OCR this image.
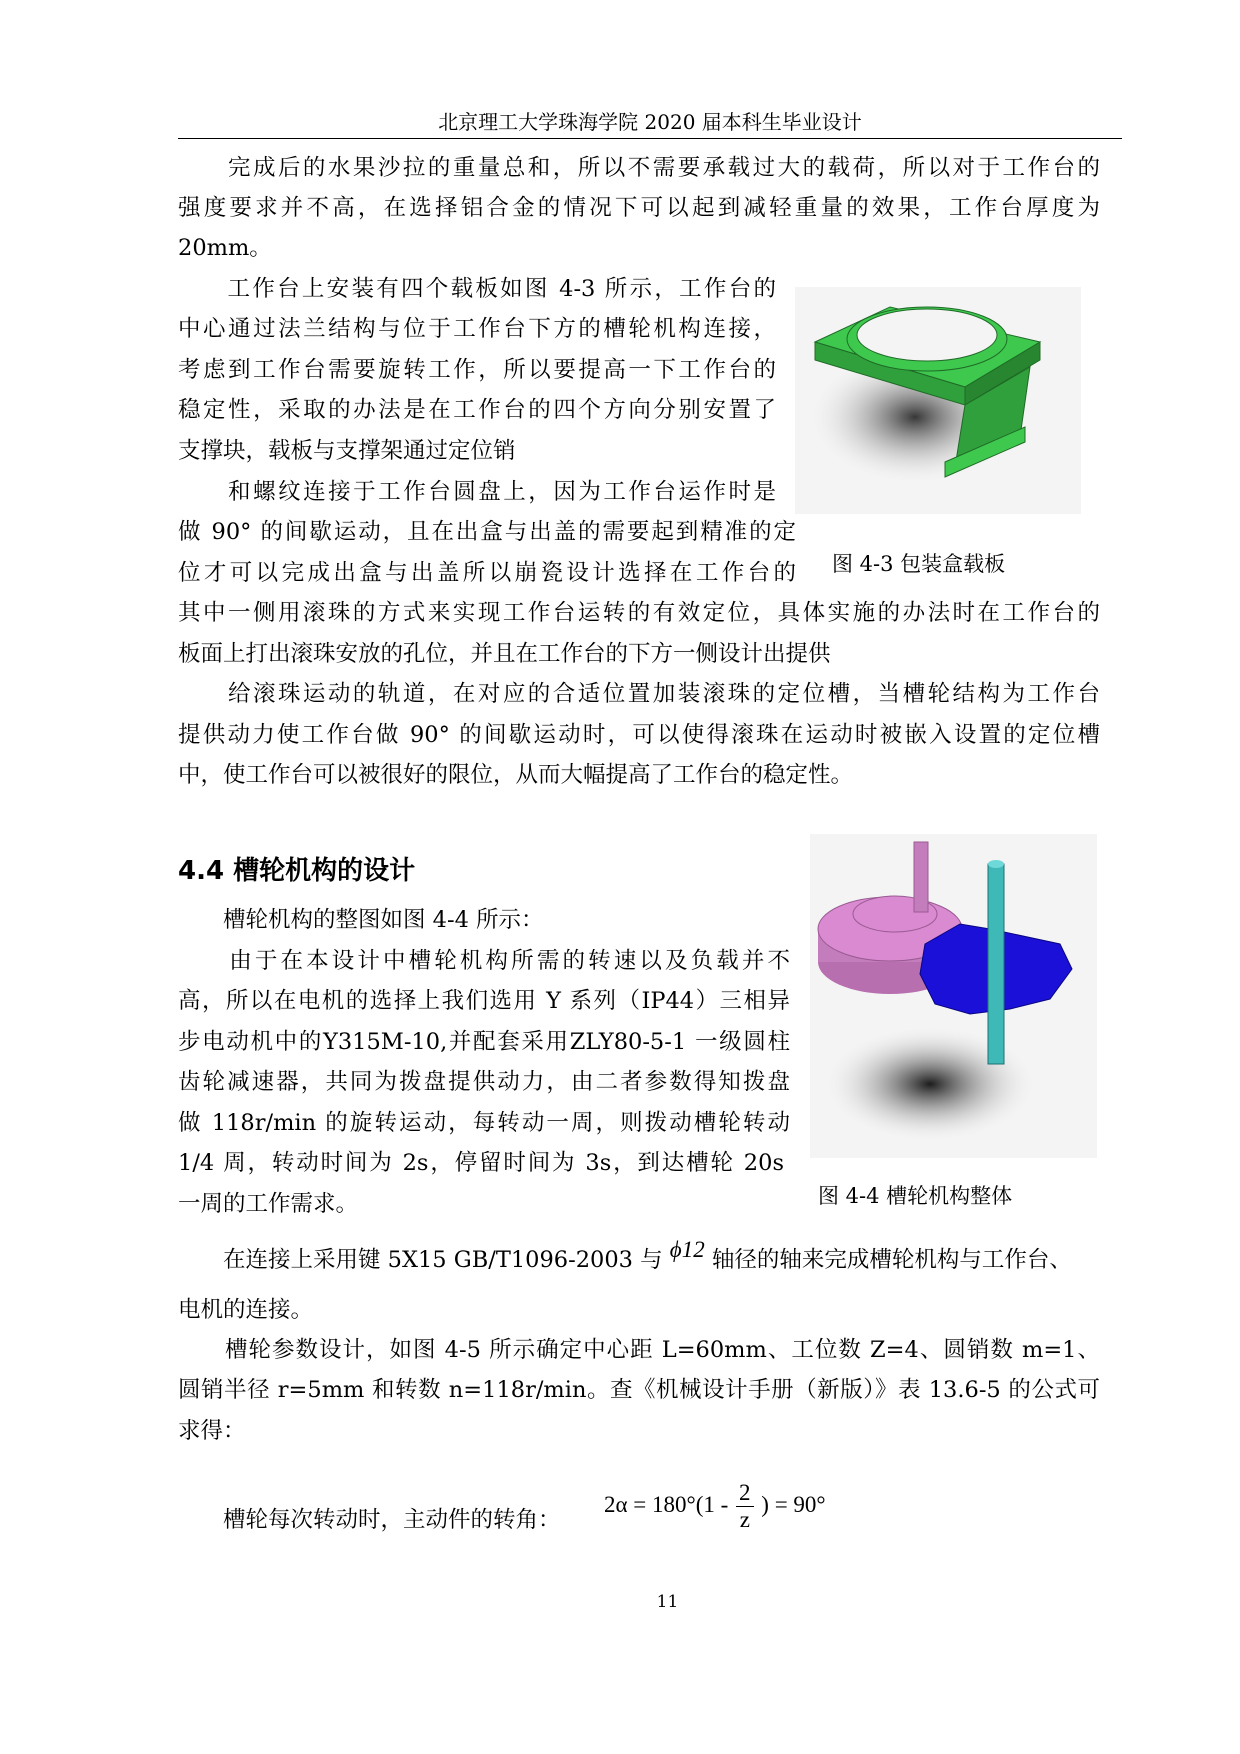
北京理工大学珠海学院 2020 届本科生毕业设计
　　完成后的水果沙拉的重量总和，所以不需要承载过大的载荷，所以对于工作台的
强度要求并不高，在选择铝合金的情况下可以起到减轻重量的效果，工作台厚度为
20mm。
　　工作台上安装有四个载板如图 4-3 所示，工作台的
中心通过法兰结构与位于工作台下方的槽轮机构连接，
考虑到工作台需要旋转工作，所以要提高一下工作台的
稳定性，采取的办法是在工作台的四个方向分别安置了
支撑块，载板与支撑架通过定位销
　　和螺纹连接于工作台圆盘上，因为工作台运作时是
做 90° 的间歇运动，且在出盒与出盖的需要起到精准的定
位才可以完成出盒与出盖所以崩瓷设计选择在工作台的
其中一侧用滚珠的方式来实现工作台运转的有效定位，具体实施的办法时在工作台的
板面上打出滚珠安放的孔位，并且在工作台的下方一侧设计出提供
　　给滚珠运动的轨道，在对应的合适位置加装滚珠的定位槽，当槽轮结构为工作台
提供动力使工作台做 90° 的间歇运动时，可以使得滚珠在运动时被嵌入设置的定位槽
中，使工作台可以被很好的限位，从而大幅提高了工作台的稳定性。
图 4-3 包装盒载板
4.4 槽轮机构的设计
　　槽轮机构的整图如图 4-4 所示：
　　由于在本设计中槽轮机构所需的转速以及负载并不
高，所以在电机的选择上我们选用 Y 系列（IP44）三相异
步电动机中的Y315M-10,并配套采用ZLY80-5-1 一级圆柱
齿轮减速器，共同为拨盘提供动力，由二者参数得知拨盘
做 118r/min 的旋转运动，每转动一周，则拨动槽轮转动
1/4 周，转动时间为 2s，停留时间为 3s，到达槽轮 20s
一周的工作需求。	图 4-4 槽轮机构整体
　　在连接上采用键 5X15 GB/T1096-2003 与 ϕ12 轴径的轴来完成槽轮机构与工作台、
电机的连接。
　　槽轮参数设计，如图 4-5 所示确定中心距 L=60mm、工位数 Z=4、圆销数 m=1、
圆销半径 r=5mm 和转数 n=118r/min。查《机械设计手册（新版）》表 13.6-5 的公式可
求得：
$2\alpha = 180^\circ(1 - \frac{2}{z}$ ) = 90°
　　槽轮每次转动时，主动件的转角：
11
